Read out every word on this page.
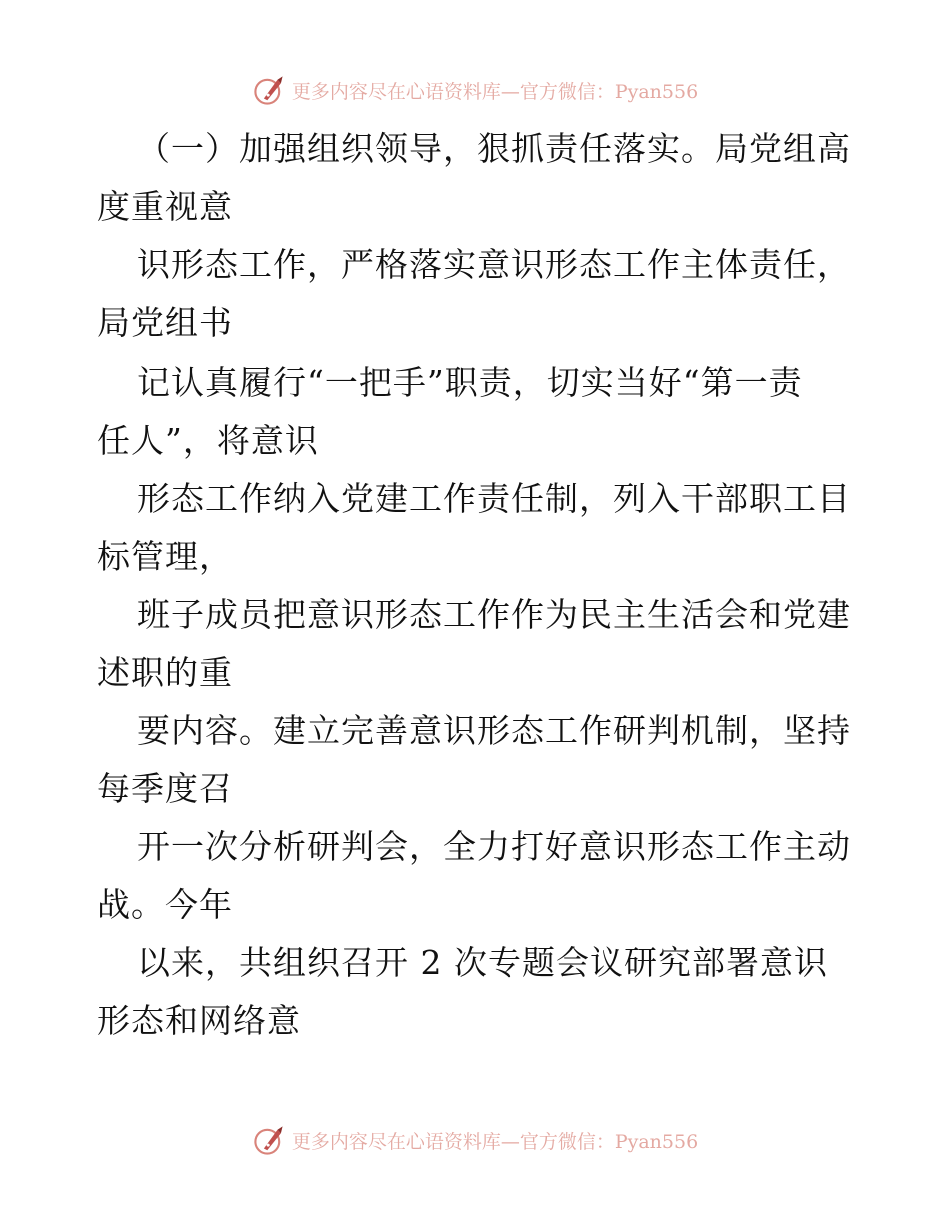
更多内容尽在心语资料库—官方微信：Pyan556
（一）加强组织领导，狠抓责任落实。局党组高
度重视意
识形态工作，严格落实意识形态工作主体责任，
局党组书
记认真履行“一把手”职责，切实当好“第一责
任人”，将意识
形态工作纳入党建工作责任制，列入干部职工目
标管理，
班子成员把意识形态工作作为民主生活会和党建
述职的重
要内容。建立完善意识形态工作研判机制，坚持
每季度召
开一次分析研判会，全力打好意识形态工作主动
战。今年
以来，共组织召开 2 次专题会议研究部署意识
形态和网络意
更多内容尽在心语资料库—官方微信：Pyan556
